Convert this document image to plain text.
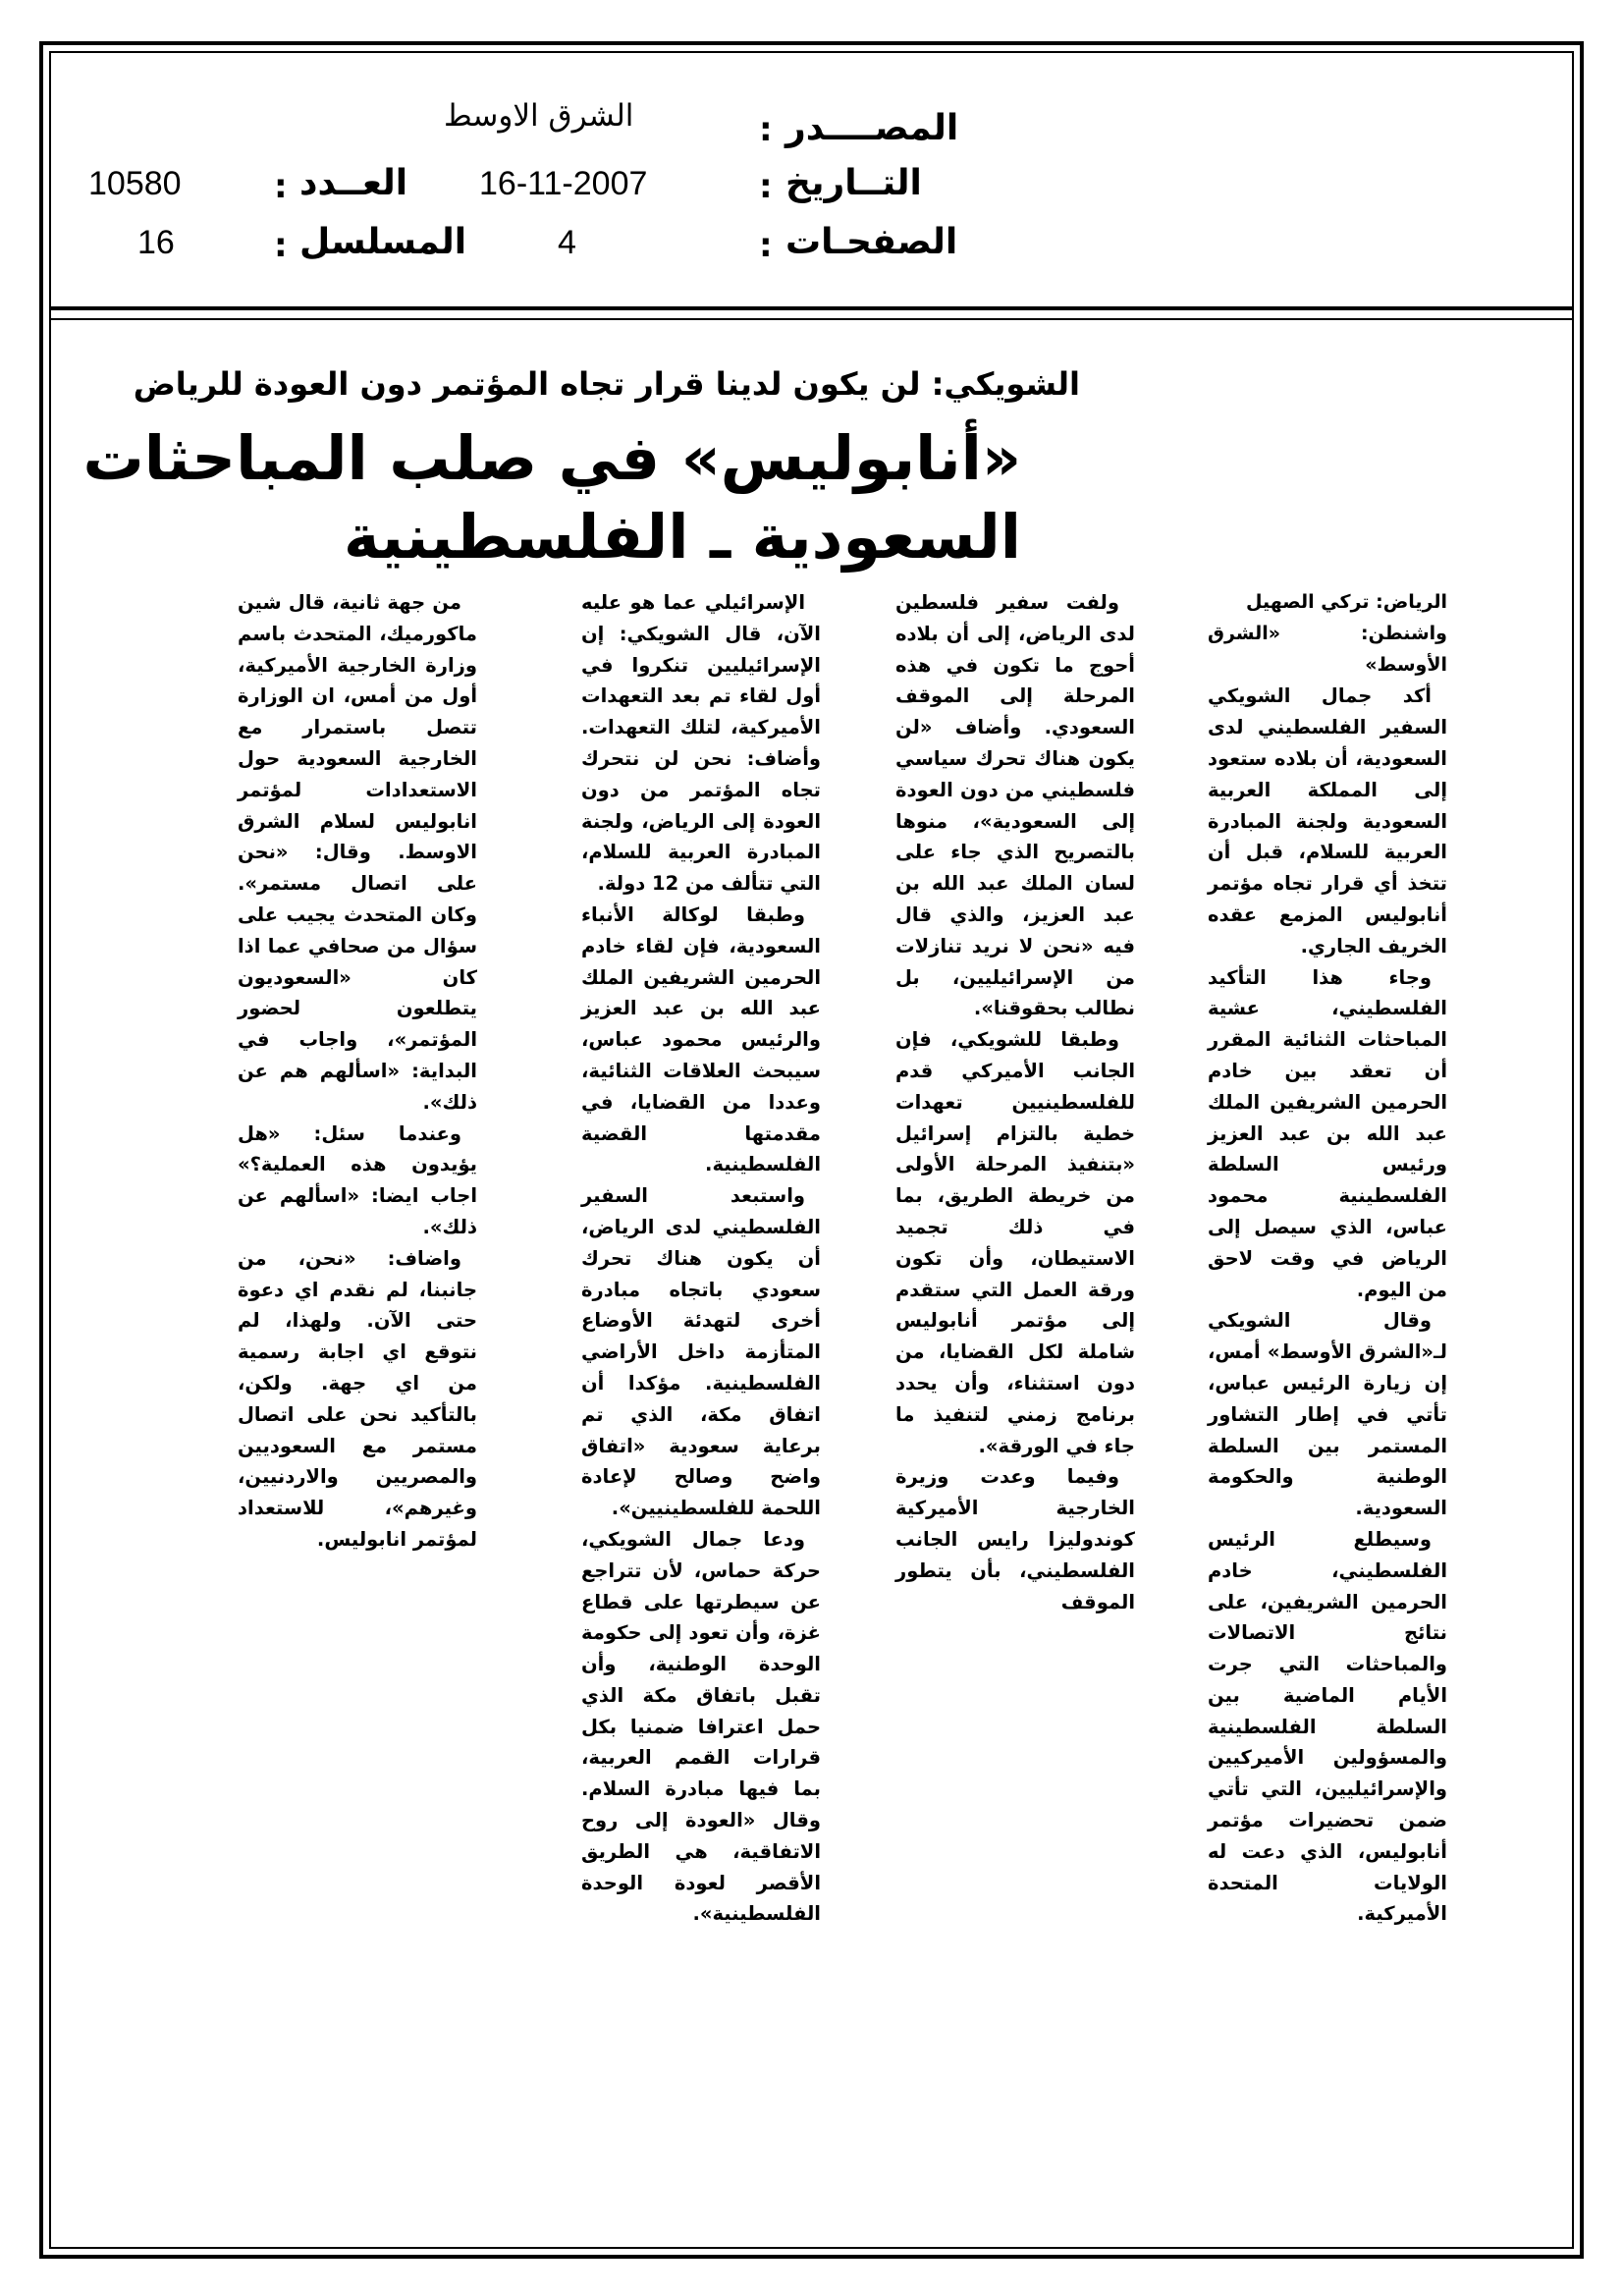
الشرق الاوسط	: المصــــدر
10580	: العــدد 16-11-2007	: التــاريخ
16	: المسلسل	4	: الصفحـات
الشويكي: لن يكون لدينا قرار تجاه المؤتمر دون العودة للرياض
«أنابوليس» في صلب المباحثات
السعودية ـ الفلسطينية

الرياض: تركي الصهيل
واشنطن: «الشرق الأوسط»

أكد جمال الشويكي السفير الفلسطيني لدى السعودية، أن بلاده ستعود إلى المملكة العربية السعودية ولجنة المبادرة العربية للسلام، قبل أن تتخذ أي قرار تجاه مؤتمر أنابوليس المزمع عقده الخريف الجاري.

وجاء هذا التأكيد الفلسطيني، عشية المباحثات الثنائية المقرر أن تعقد بين خادم الحرمين الشريفين الملك عبد الله بن عبد العزيز ورئيس السلطة الفلسطينية محمود عباس، الذي سيصل إلى الرياض في وقت لاحق من اليوم.

وقال الشويكي لـ«الشرق الأوسط» أمس، إن زيارة الرئيس عباس، تأتي في إطار التشاور المستمر بين السلطة الوطنية والحكومة السعودية.

وسيطلع الرئيس الفلسطيني، خادم الحرمين الشريفين، على نتائج الاتصالات والمباحثات التي جرت الأيام الماضية بين السلطة الفلسطينية والمسؤولين الأميركيين والإسرائيليين، التي تأتي ضمن تحضيرات مؤتمر أنابوليس، الذي دعت له الولايات المتحدة الأميركية.

ولفت سفير فلسطين لدى الرياض، إلى أن بلاده أحوج ما تكون في هذه المرحلة إلى الموقف السعودي. وأضاف «لن يكون هناك تحرك سياسي فلسطيني من دون العودة إلى السعودية»، منوها بالتصريح الذي جاء على لسان الملك عبد الله بن عبد العزيز، والذي قال فيه «نحن لا نريد تنازلات من الإسرائيليين، بل نطالب بحقوقنا».

وطبقا للشويكي، فإن الجانب الأميركي قدم للفلسطينيين تعهدات خطية بالتزام إسرائيل «بتنفيذ المرحلة الأولى من خريطة الطريق، بما في ذلك تجميد الاستيطان، وأن تكون ورقة العمل التي ستقدم إلى مؤتمر أنابوليس شاملة لكل القضايا، من دون استثناء، وأن يحدد برنامج زمني لتنفيذ ما جاء في الورقة».

وفيما وعدت وزيرة الخارجية الأميركية كوندوليزا رايس الجانب الفلسطيني، بأن يتطور الموقف

الإسرائيلي عما هو عليه الآن، قال الشويكي: إن الإسرائيليين تنكروا في أول لقاء تم بعد التعهدات الأميركية، لتلك التعهدات. وأضاف: نحن لن نتحرك تجاه المؤتمر من دون العودة إلى الرياض، ولجنة المبادرة العربية للسلام، التي تتألف من 12 دولة.

وطبقا لوكالة الأنباء السعودية، فإن لقاء خادم الحرمين الشريفين الملك عبد الله بن عبد العزيز والرئيس محمود عباس، سيبحث العلاقات الثنائية، وعددا من القضايا، في مقدمتها القضية الفلسطينية.

واستبعد السفير الفلسطيني لدى الرياض، أن يكون هناك تحرك سعودي باتجاه مبادرة أخرى لتهدئة الأوضاع المتأزمة داخل الأراضي الفلسطينية. مؤكدا أن اتفاق مكة، الذي تم برعاية سعودية «اتفاق واضح وصالح لإعادة اللحمة للفلسطينيين».

ودعا جمال الشويكي، حركة حماس، لأن تتراجع عن سيطرتها على قطاع غزة، وأن تعود إلى حكومة الوحدة الوطنية، وأن تقبل باتفاق مكة الذي حمل اعترافا ضمنيا بكل قرارات القمم العربية، بما فيها مبادرة السلام. وقال «العودة إلى روح الاتفاقية، هي الطريق الأقصر لعودة الوحدة الفلسطينية».

من جهة ثانية، قال شين ماكورميك، المتحدث باسم وزارة الخارجية الأميركية، أول من أمس، ان الوزارة تتصل باستمرار مع الخارجية السعودية حول الاستعدادات لمؤتمر انابوليس لسلام الشرق الاوسط. وقال: «نحن على اتصال مستمر». وكان المتحدث يجيب على سؤال من صحافي عما اذا كان «السعوديون يتطلعون لحضور المؤتمر»، واجاب في البداية: «اسألهم هم عن ذلك».

وعندما سئل: «هل يؤيدون هذه العملية؟» اجاب ايضا: «اسألهم عن ذلك».

واضاف: «نحن، من جانبنا، لم نقدم اي دعوة حتى الآن. ولهذا، لم نتوقع اي اجابة رسمية من اي جهة. ولكن، بالتأكيد نحن على اتصال مستمر مع السعوديين والمصريين والاردنيين، وغيرهم»، للاستعداد لمؤتمر انابوليس.
